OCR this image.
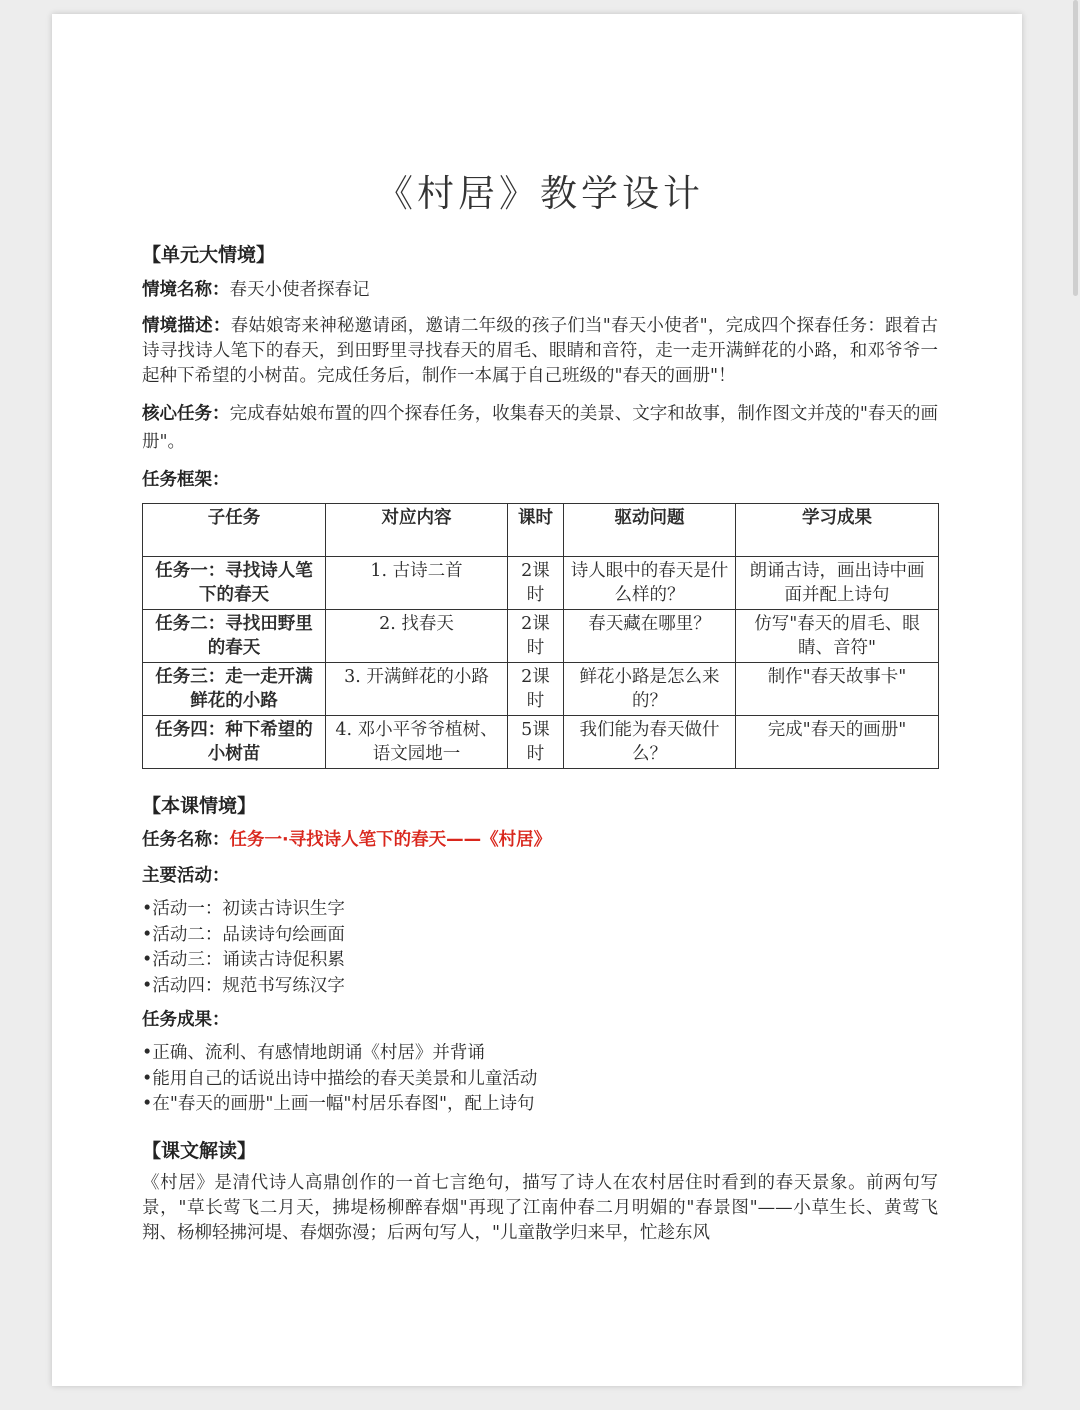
《村居》教学设计

【单元大情境】

情境名称：春天小使者探春记

情境描述：春姑娘寄来神秘邀请函，邀请二年级的孩子们当"春天小使者"，完成四个探春任务：跟着古诗寻找诗人笔下的春天，到田野里寻找春天的眉毛、眼睛和音符，走一走开满鲜花的小路，和邓爷爷一起种下希望的小树苗。完成任务后，制作一本属于自己班级的"春天的画册"！

核心任务：完成春姑娘布置的四个探春任务，收集春天的美景、文字和故事，制作图文并茂的"春天的画册"。

任务框架：

子任务	对应内容	课时	驱动问题	学习成果
任务一：寻找诗人笔下的春天	1. 古诗二首	2课时	诗人眼中的春天是什么样的？	朗诵古诗，画出诗中画面并配上诗句
任务二：寻找田野里的春天	2. 找春天	2课时	春天藏在哪里？	仿写"春天的眉毛、眼睛、音符"
任务三：走一走开满鲜花的小路	3. 开满鲜花的小路	2课时	鲜花小路是怎么来的？	制作"春天故事卡"
任务四：种下希望的小树苗	4. 邓小平爷爷植树、语文园地一	5课时	我们能为春天做什么？	完成"春天的画册"

【本课情境】

任务名称：任务一·寻找诗人笔下的春天——《村居》

主要活动：

• 活动一：初读古诗识生字
• 活动二：品读诗句绘画面
• 活动三：诵读古诗促积累
• 活动四：规范书写练汉字

任务成果：

• 正确、流利、有感情地朗诵《村居》并背诵
• 能用自己的话说出诗中描绘的春天美景和儿童活动
• 在"春天的画册"上画一幅"村居乐春图"，配上诗句

【课文解读】

《村居》是清代诗人高鼎创作的一首七言绝句，描写了诗人在农村居住时看到的春天景象。前两句写景，"草长莺飞二月天，拂堤杨柳醉春烟"再现了江南仲春二月明媚的"春景图"——小草生长、黄莺飞翔、杨柳轻拂河堤、春烟弥漫；后两句写人，"儿童散学归来早，忙趁东风
